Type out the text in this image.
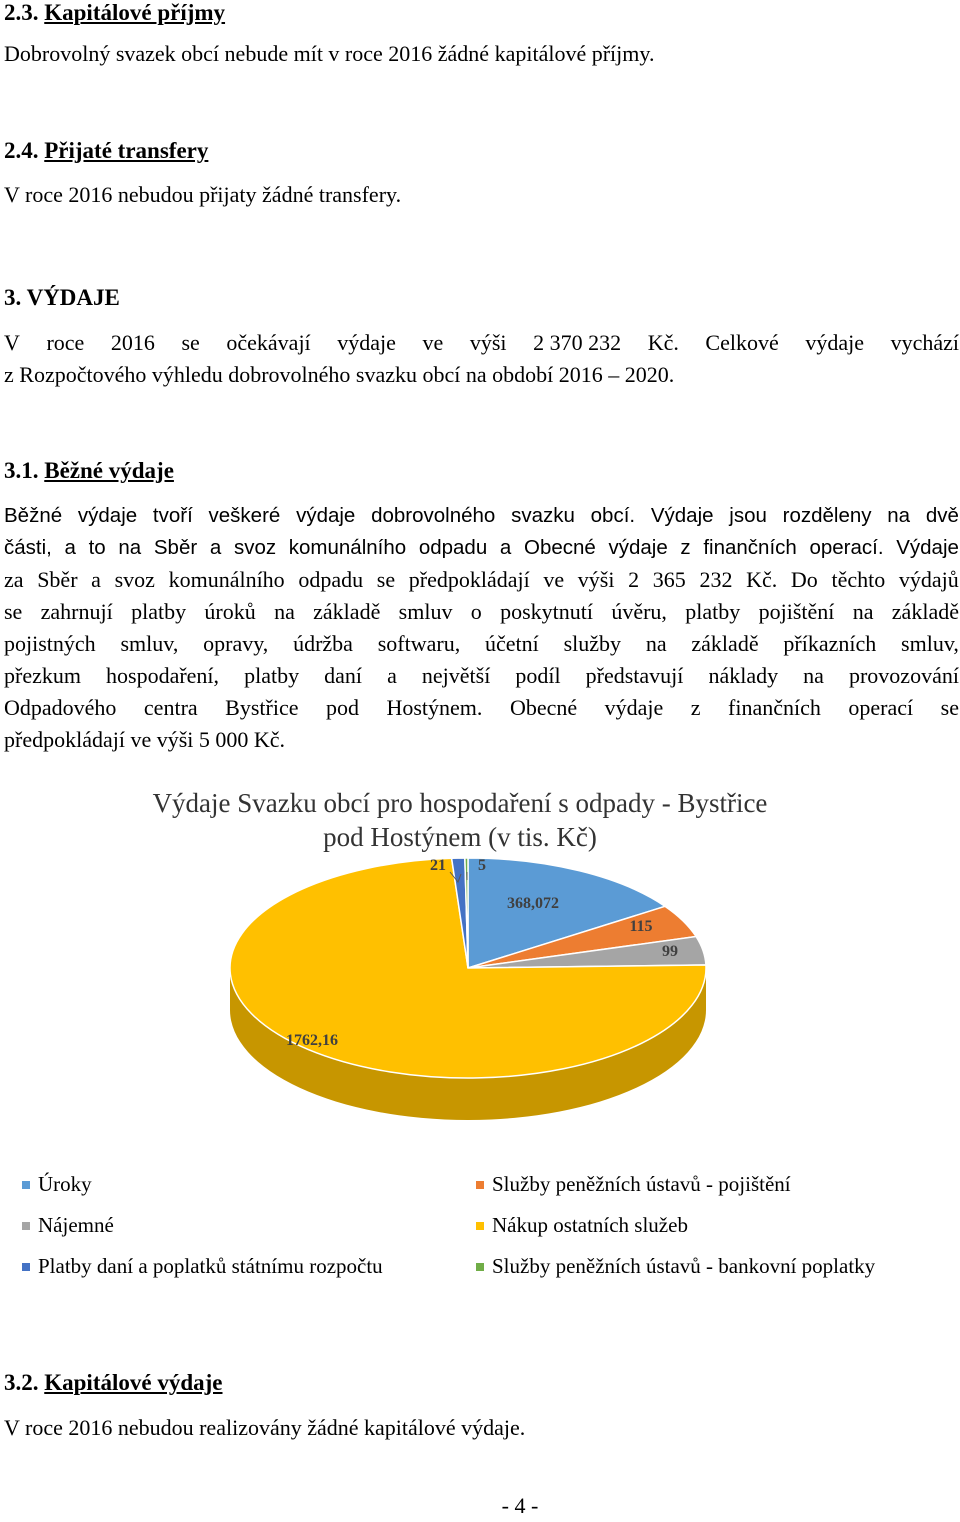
2.3. Kapitálové příjmy
Dobrovolný svazek obcí nebude mít v roce 2016 žádné kapitálové příjmy.
2.4. Přijaté transfery
V roce 2016 nebudou přijaty žádné transfery.
3. VÝDAJE
V roce 2016 se očekávají výdaje ve výši 2 370 232 Kč. Celkové výdaje vychází
z Rozpočtového výhledu dobrovolného svazku obcí na období 2016 – 2020.
3.1. Běžné výdaje
Běžné výdaje tvoří veškeré výdaje dobrovolného svazku obcí. Výdaje jsou rozděleny na dvě
části, a to na Sběr a svoz komunálního odpadu a Obecné výdaje z finančních operací. Výdaje
za Sběr a svoz komunálního odpadu se předpokládají ve výši 2 365 232 Kč. Do těchto výdajů
se zahrnují platby úroků na základě smluv o poskytnutí úvěru, platby pojištění na základě
pojistných smluv, opravy, údržba softwaru, účetní služby na základě příkazních smluv,
přezkum hospodaření, platby daní a největší podíl představují náklady na provozování
Odpadového centra Bystřice pod Hostýnem. Obecné výdaje z finančních operací se
předpokládají ve výši 5 000 Kč.
Výdaje Svazku obcí pro hospodaření s odpady - Bystřice
pod Hostýnem (v tis. Kč)
368,072
115
99
1762,16
21 5
Úroky	Služby peněžních ústavů - pojištění
Nájemné	Nákup ostatních služeb
Platby daní a poplatků státnímu rozpočtu	Služby peněžních ústavů - bankovní poplatky
3.2. Kapitálové výdaje
V roce 2016 nebudou realizovány žádné kapitálové výdaje.
- 4 -
